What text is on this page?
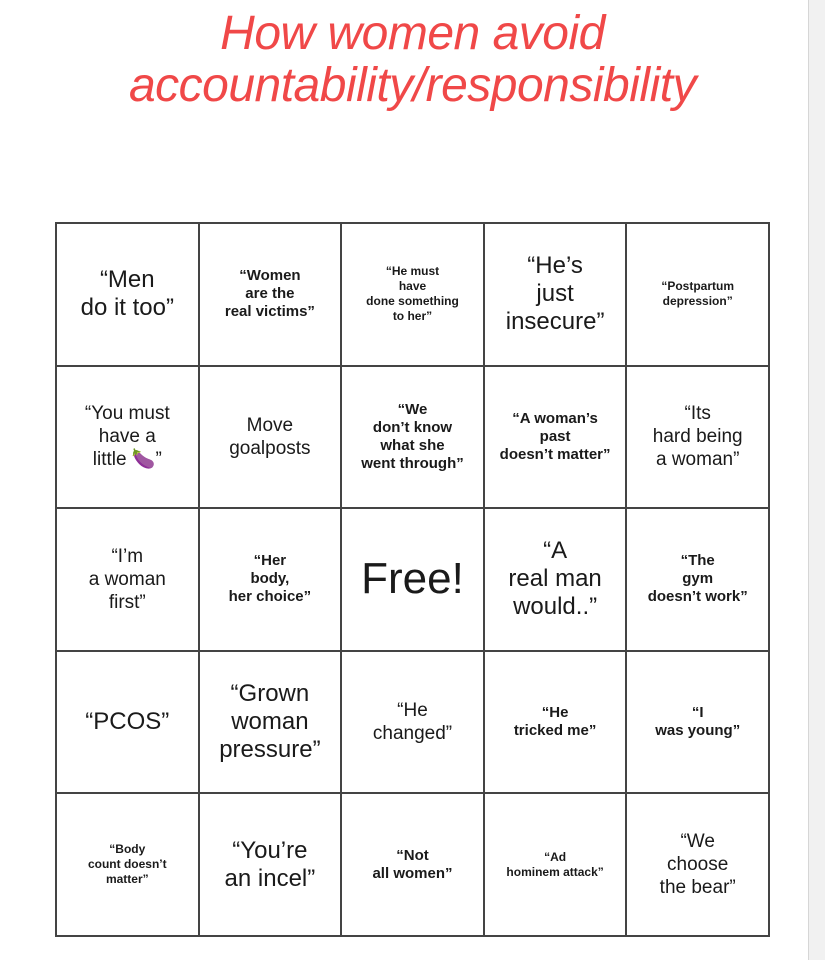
How women avoid
accountability/responsibility
“Men
do it too”
“Women
are the
real victims”
“He must
have
done something
to her”
“He’s
just
insecure”
“Postpartum
depression”
“You must
have a
little 🍆”
Move
goalposts
“We
don’t know
what she
went through”
“A woman’s
past
doesn’t matter”
“Its
hard being
a woman”
“I’m
a woman
first”
“Her
body,
her choice” Free!
“A
real man
would..”
“The
gym
doesn’t work”
“PCOS”
“Grown
woman
pressure”
“He
changed”
“He
tricked me”
“I
was young”
“Body
count doesn’t
matter”
“You’re
an incel”
“Not
all women”
“Ad
hominem attack”
“We
choose
the bear”
